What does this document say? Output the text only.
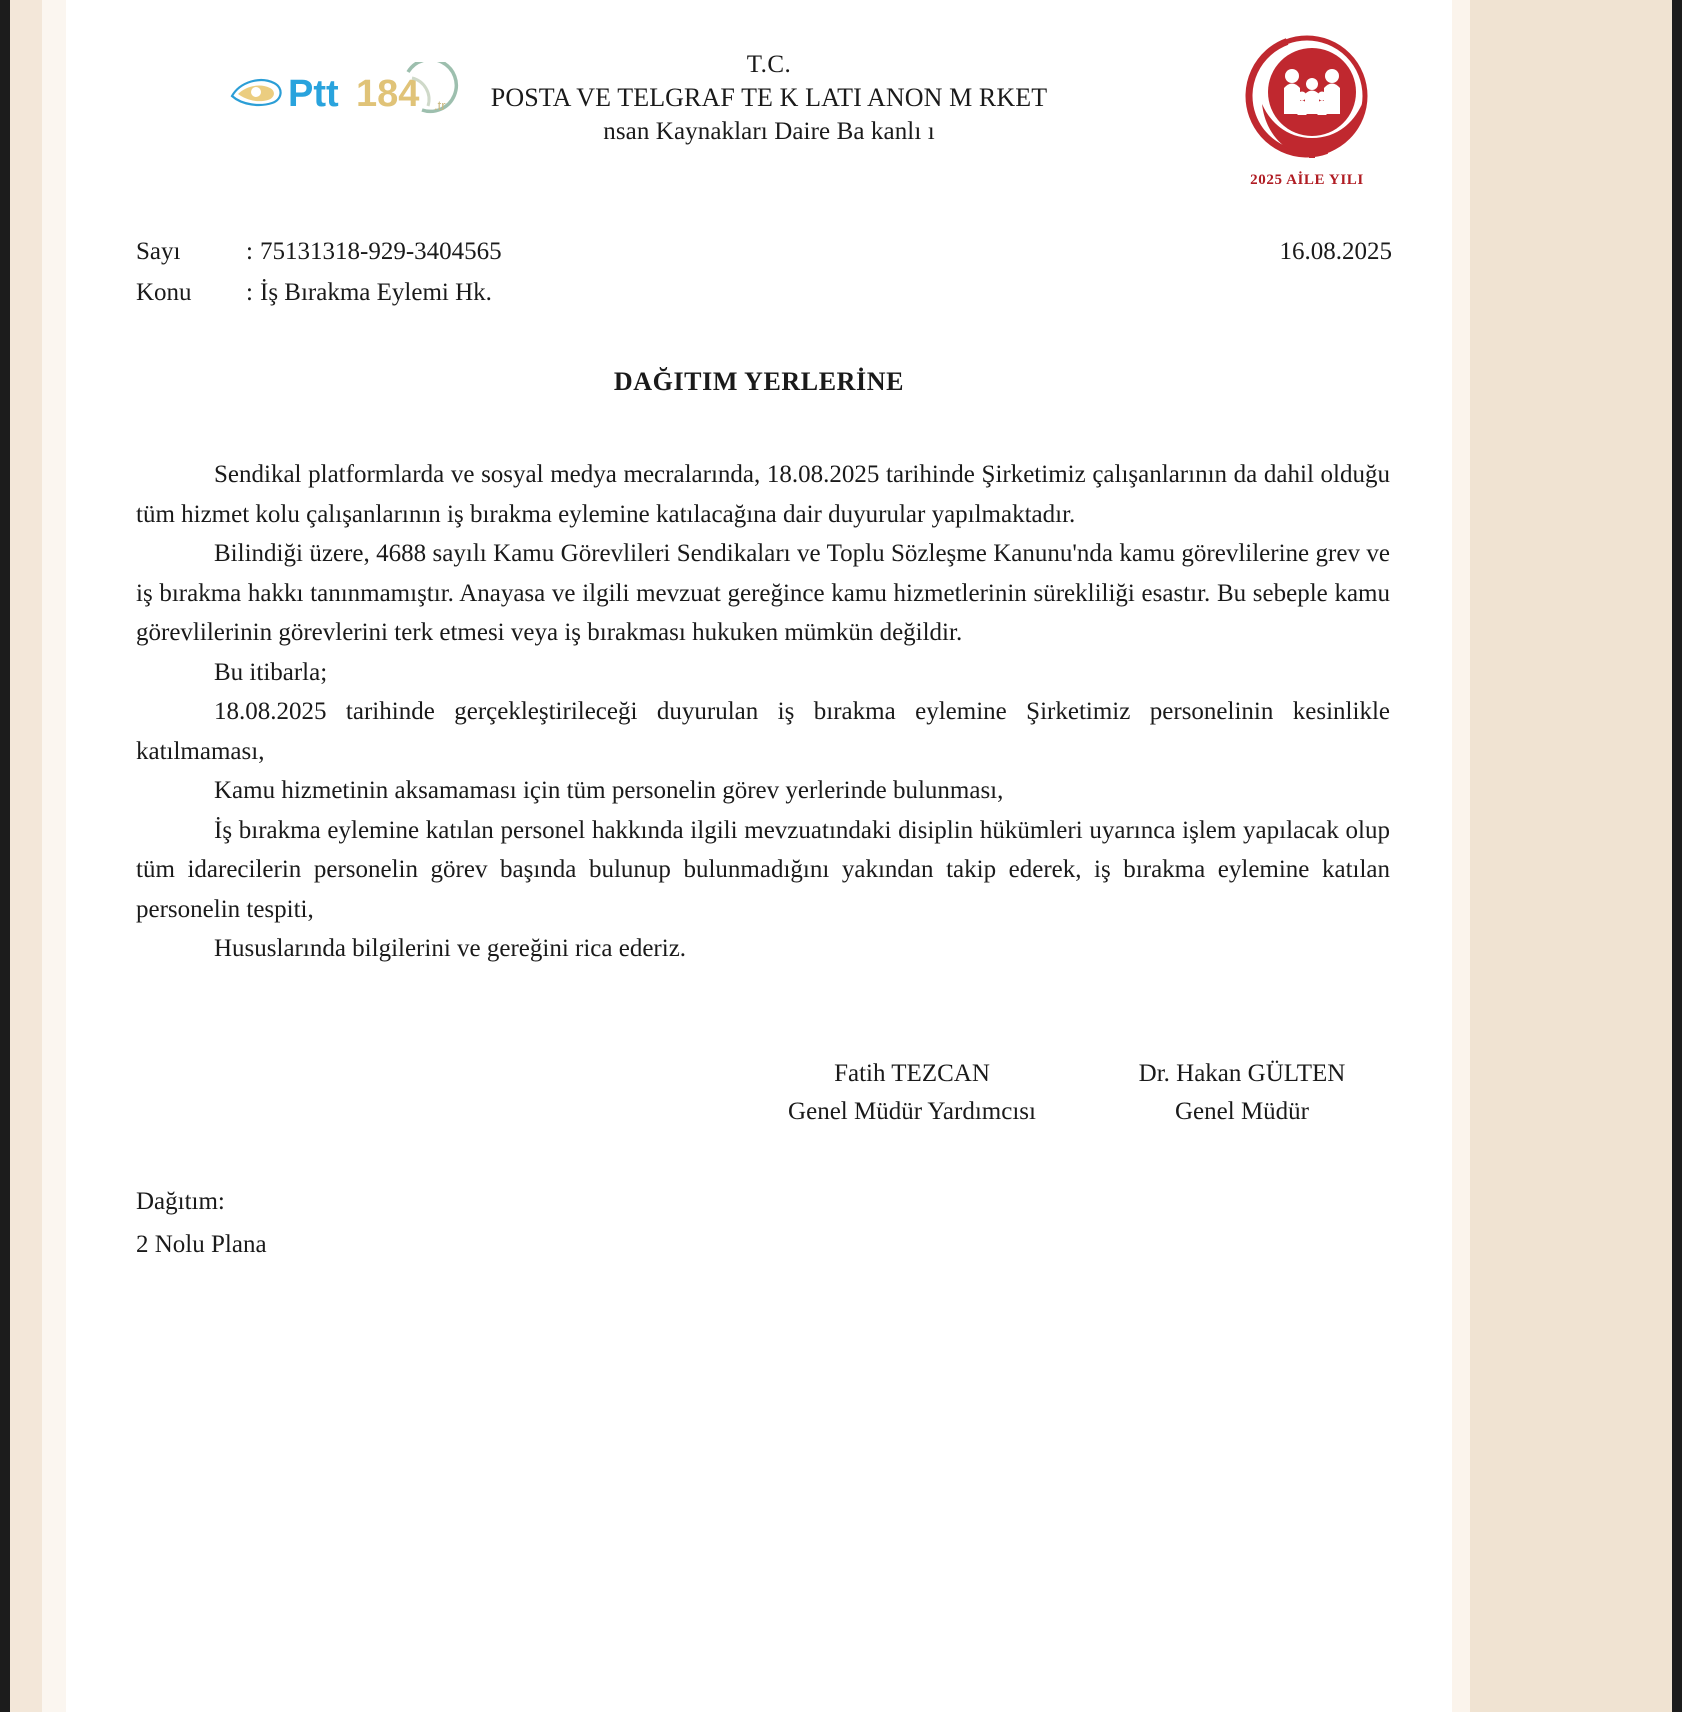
Ptt 184 .tr
T.C.
POSTA VE TELGRAF TE K LATI ANON M RKET
nsan Kaynakları Daire Ba kanlı ı
2025 AİLE YILI
16.08.2025
Sayı	: 75131318-929-3404565
Konu	: İş Bırakma Eylemi Hk.
DAĞITIM YERLERİNE

Sendikal platformlarda ve sosyal medya mecralarında, 18.08.2025 tarihinde Şirketimiz çalışanlarının da dahil olduğu tüm hizmet kolu çalışanlarının iş bırakma eylemine katılacağına dair duyurular yapılmaktadır.

Bilindiği üzere, 4688 sayılı Kamu Görevlileri Sendikaları ve Toplu Sözleşme Kanunu'nda kamu görevlilerine grev ve iş bırakma hakkı tanınmamıştır. Anayasa ve ilgili mevzuat gereğince kamu hizmetlerinin sürekliliği esastır. Bu sebeple kamu görevlilerinin görevlerini terk etmesi veya iş bırakması hukuken mümkün değildir.

Bu itibarla;

18.08.2025 tarihinde gerçekleştirileceği duyurulan iş bırakma eylemine Şirketimiz personelinin kesinlikle katılmaması,

Kamu hizmetinin aksamaması için tüm personelin görev yerlerinde bulunması,

İş bırakma eylemine katılan personel hakkında ilgili mevzuatındaki disiplin hükümleri uyarınca işlem yapılacak olup tüm idarecilerin personelin görev başında bulunup bulunmadığını yakından takip ederek, iş bırakma eylemine katılan personelin tespiti,

Hususlarında bilgilerini ve gereğini rica ederiz.

Fatih TEZCAN
Genel Müdür Yardımcısı
Dr. Hakan GÜLTEN
Genel Müdür
Dağıtım:
2 Nolu Plana
